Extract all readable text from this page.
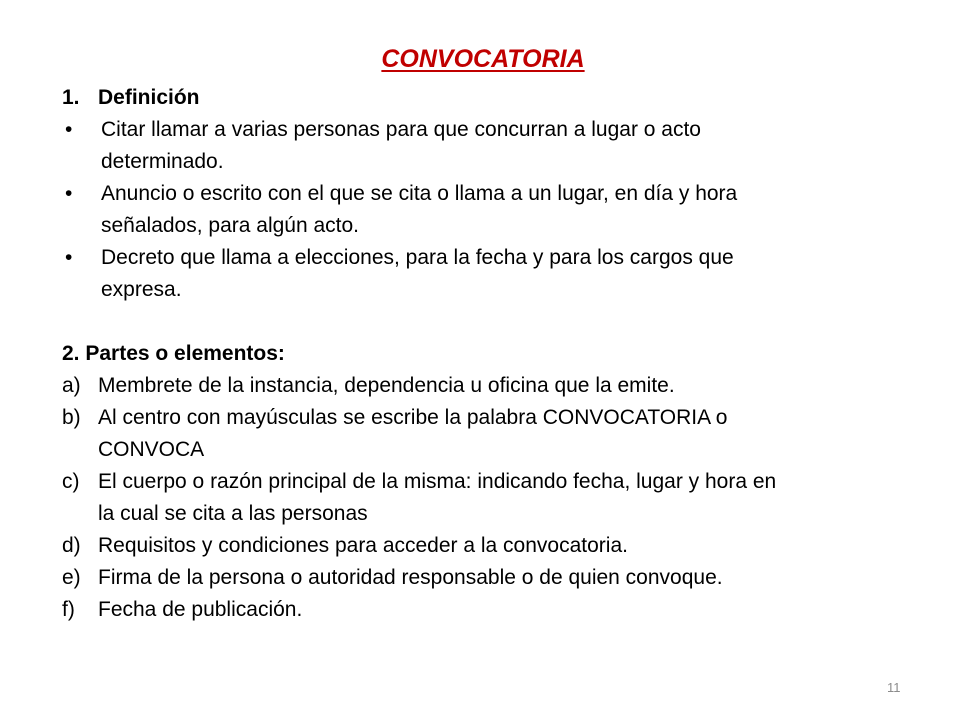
CONVOCATORIA
1. Definición
•	Citar llamar a varias personas para que concurran a lugar o acto
determinado.
•	Anuncio o escrito con el que se cita o llama a un lugar, en día y hora
señalados, para algún acto.
•	Decreto que llama a elecciones, para la fecha y para los cargos que
expresa.
2. Partes o elementos:
a) Membrete de la instancia, dependencia u oficina que la emite.
b) Al centro con mayúsculas se escribe la palabra CONVOCATORIA o
CONVOCA
c) El cuerpo o razón principal de la misma: indicando fecha, lugar y hora en
la cual se cita a las personas
d) Requisitos y condiciones para acceder a la convocatoria.
e) Firma de la persona o autoridad responsable o de quien convoque.
f)	Fecha de publicación.
11
